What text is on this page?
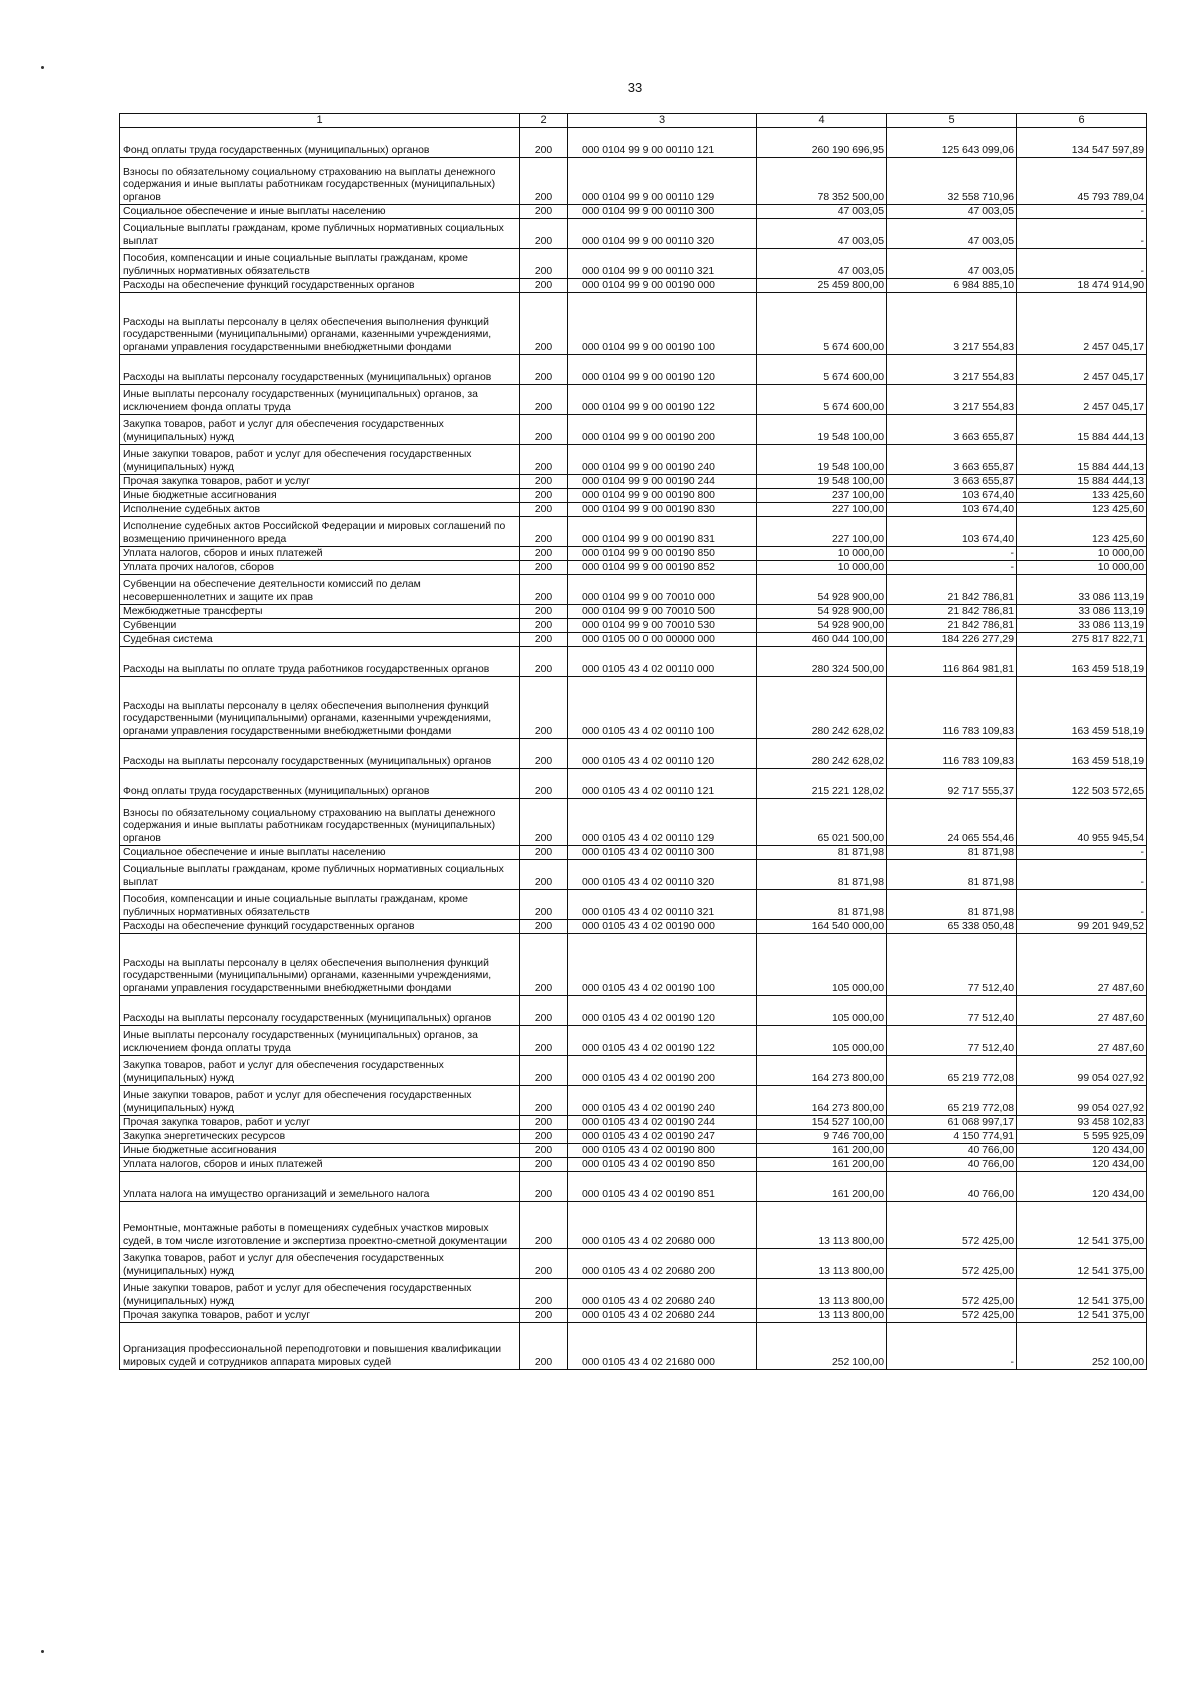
33
1	2	3	4	5	6
Фонд оплаты труда государственных (муниципальных) органов	200	000 0104 99 9 00 00110 121	260 190 696,95	125 643 099,06	134 547 597,89
Взносы по обязательному социальному страхованию на выплаты денежного содержания и иные выплаты работникам государственных (муниципальных) органов	200	000 0104 99 9 00 00110 129	78 352 500,00	32 558 710,96	45 793 789,04
Социальное обеспечение и иные выплаты населению	200	000 0104 99 9 00 00110 300	47 003,05	47 003,05	-
Социальные выплаты гражданам, кроме публичных нормативных социальных выплат	200	000 0104 99 9 00 00110 320	47 003,05	47 003,05	-
Пособия, компенсации и иные социальные выплаты гражданам, кроме публичных нормативных обязательств	200	000 0104 99 9 00 00110 321	47 003,05	47 003,05	-
Расходы на обеспечение функций государственных органов	200	000 0104 99 9 00 00190 000	25 459 800,00	6 984 885,10	18 474 914,90
Расходы на выплаты персоналу в целях обеспечения выполнения функций государственными (муниципальными) органами, казенными учреждениями, органами управления государственными внебюджетными фондами	200	000 0104 99 9 00 00190 100	5 674 600,00	3 217 554,83	2 457 045,17
Расходы на выплаты персоналу государственных (муниципальных) органов	200	000 0104 99 9 00 00190 120	5 674 600,00	3 217 554,83	2 457 045,17
Иные выплаты персоналу государственных (муниципальных) органов, за исключением фонда оплаты труда	200	000 0104 99 9 00 00190 122	5 674 600,00	3 217 554,83	2 457 045,17
Закупка товаров, работ и услуг для обеспечения государственных (муниципальных) нужд	200	000 0104 99 9 00 00190 200	19 548 100,00	3 663 655,87	15 884 444,13
Иные закупки товаров, работ и услуг для обеспечения государственных (муниципальных) нужд	200	000 0104 99 9 00 00190 240	19 548 100,00	3 663 655,87	15 884 444,13
Прочая закупка товаров, работ и услуг	200	000 0104 99 9 00 00190 244	19 548 100,00	3 663 655,87	15 884 444,13
Иные бюджетные ассигнования	200	000 0104 99 9 00 00190 800	237 100,00	103 674,40	133 425,60
Исполнение судебных актов	200	000 0104 99 9 00 00190 830	227 100,00	103 674,40	123 425,60
Исполнение судебных актов Российской Федерации и мировых соглашений по возмещению причиненного вреда	200	000 0104 99 9 00 00190 831	227 100,00	103 674,40	123 425,60
Уплата налогов, сборов и иных платежей	200	000 0104 99 9 00 00190 850	10 000,00	-	10 000,00
Уплата прочих налогов, сборов	200	000 0104 99 9 00 00190 852	10 000,00	-	10 000,00
Субвенции на обеспечение деятельности комиссий по делам несовершеннолетних и защите их прав	200	000 0104 99 9 00 70010 000	54 928 900,00	21 842 786,81	33 086 113,19
Межбюджетные трансферты	200	000 0104 99 9 00 70010 500	54 928 900,00	21 842 786,81	33 086 113,19
Субвенции	200	000 0104 99 9 00 70010 530	54 928 900,00	21 842 786,81	33 086 113,19
Судебная система	200	000 0105 00 0 00 00000 000	460 044 100,00	184 226 277,29	275 817 822,71
Расходы на выплаты по оплате труда работников государственных органов	200	000 0105 43 4 02 00110 000	280 324 500,00	116 864 981,81	163 459 518,19
Расходы на выплаты персоналу в целях обеспечения выполнения функций государственными (муниципальными) органами, казенными учреждениями, органами управления государственными внебюджетными фондами	200	000 0105 43 4 02 00110 100	280 242 628,02	116 783 109,83	163 459 518,19
Расходы на выплаты персоналу государственных (муниципальных) органов	200	000 0105 43 4 02 00110 120	280 242 628,02	116 783 109,83	163 459 518,19
Фонд оплаты труда государственных (муниципальных) органов	200	000 0105 43 4 02 00110 121	215 221 128,02	92 717 555,37	122 503 572,65
Взносы по обязательному социальному страхованию на выплаты денежного содержания и иные выплаты работникам государственных (муниципальных) органов	200	000 0105 43 4 02 00110 129	65 021 500,00	24 065 554,46	40 955 945,54
Социальное обеспечение и иные выплаты населению	200	000 0105 43 4 02 00110 300	81 871,98	81 871,98	-
Социальные выплаты гражданам, кроме публичных нормативных социальных выплат	200	000 0105 43 4 02 00110 320	81 871,98	81 871,98	-
Пособия, компенсации и иные социальные выплаты гражданам, кроме публичных нормативных обязательств	200	000 0105 43 4 02 00110 321	81 871,98	81 871,98	-
Расходы на обеспечение функций государственных органов	200	000 0105 43 4 02 00190 000	164 540 000,00	65 338 050,48	99 201 949,52
Расходы на выплаты персоналу в целях обеспечения выполнения функций государственными (муниципальными) органами, казенными учреждениями, органами управления государственными внебюджетными фондами	200	000 0105 43 4 02 00190 100	105 000,00	77 512,40	27 487,60
Расходы на выплаты персоналу государственных (муниципальных) органов	200	000 0105 43 4 02 00190 120	105 000,00	77 512,40	27 487,60
Иные выплаты персоналу государственных (муниципальных) органов, за исключением фонда оплаты труда	200	000 0105 43 4 02 00190 122	105 000,00	77 512,40	27 487,60
Закупка товаров, работ и услуг для обеспечения государственных (муниципальных) нужд	200	000 0105 43 4 02 00190 200	164 273 800,00	65 219 772,08	99 054 027,92
Иные закупки товаров, работ и услуг для обеспечения государственных (муниципальных) нужд	200	000 0105 43 4 02 00190 240	164 273 800,00	65 219 772,08	99 054 027,92
Прочая закупка товаров, работ и услуг	200	000 0105 43 4 02 00190 244	154 527 100,00	61 068 997,17	93 458 102,83
Закупка энергетических ресурсов	200	000 0105 43 4 02 00190 247	9 746 700,00	4 150 774,91	5 595 925,09
Иные бюджетные ассигнования	200	000 0105 43 4 02 00190 800	161 200,00	40 766,00	120 434,00
Уплата налогов, сборов и иных платежей	200	000 0105 43 4 02 00190 850	161 200,00	40 766,00	120 434,00
Уплата налога на имущество организаций и земельного налога	200	000 0105 43 4 02 00190 851	161 200,00	40 766,00	120 434,00
Ремонтные, монтажные работы в помещениях судебных участков мировых судей, в том числе изготовление и экспертиза проектно-сметной документации	200	000 0105 43 4 02 20680 000	13 113 800,00	572 425,00	12 541 375,00
Закупка товаров, работ и услуг для обеспечения государственных (муниципальных) нужд	200	000 0105 43 4 02 20680 200	13 113 800,00	572 425,00	12 541 375,00
Иные закупки товаров, работ и услуг для обеспечения государственных (муниципальных) нужд	200	000 0105 43 4 02 20680 240	13 113 800,00	572 425,00	12 541 375,00
Прочая закупка товаров, работ и услуг	200	000 0105 43 4 02 20680 244	13 113 800,00	572 425,00	12 541 375,00
Организация профессиональной переподготовки и повышения квалификации мировых судей и сотрудников аппарата мировых судей	200	000 0105 43 4 02 21680 000	252 100,00	-	252 100,00
